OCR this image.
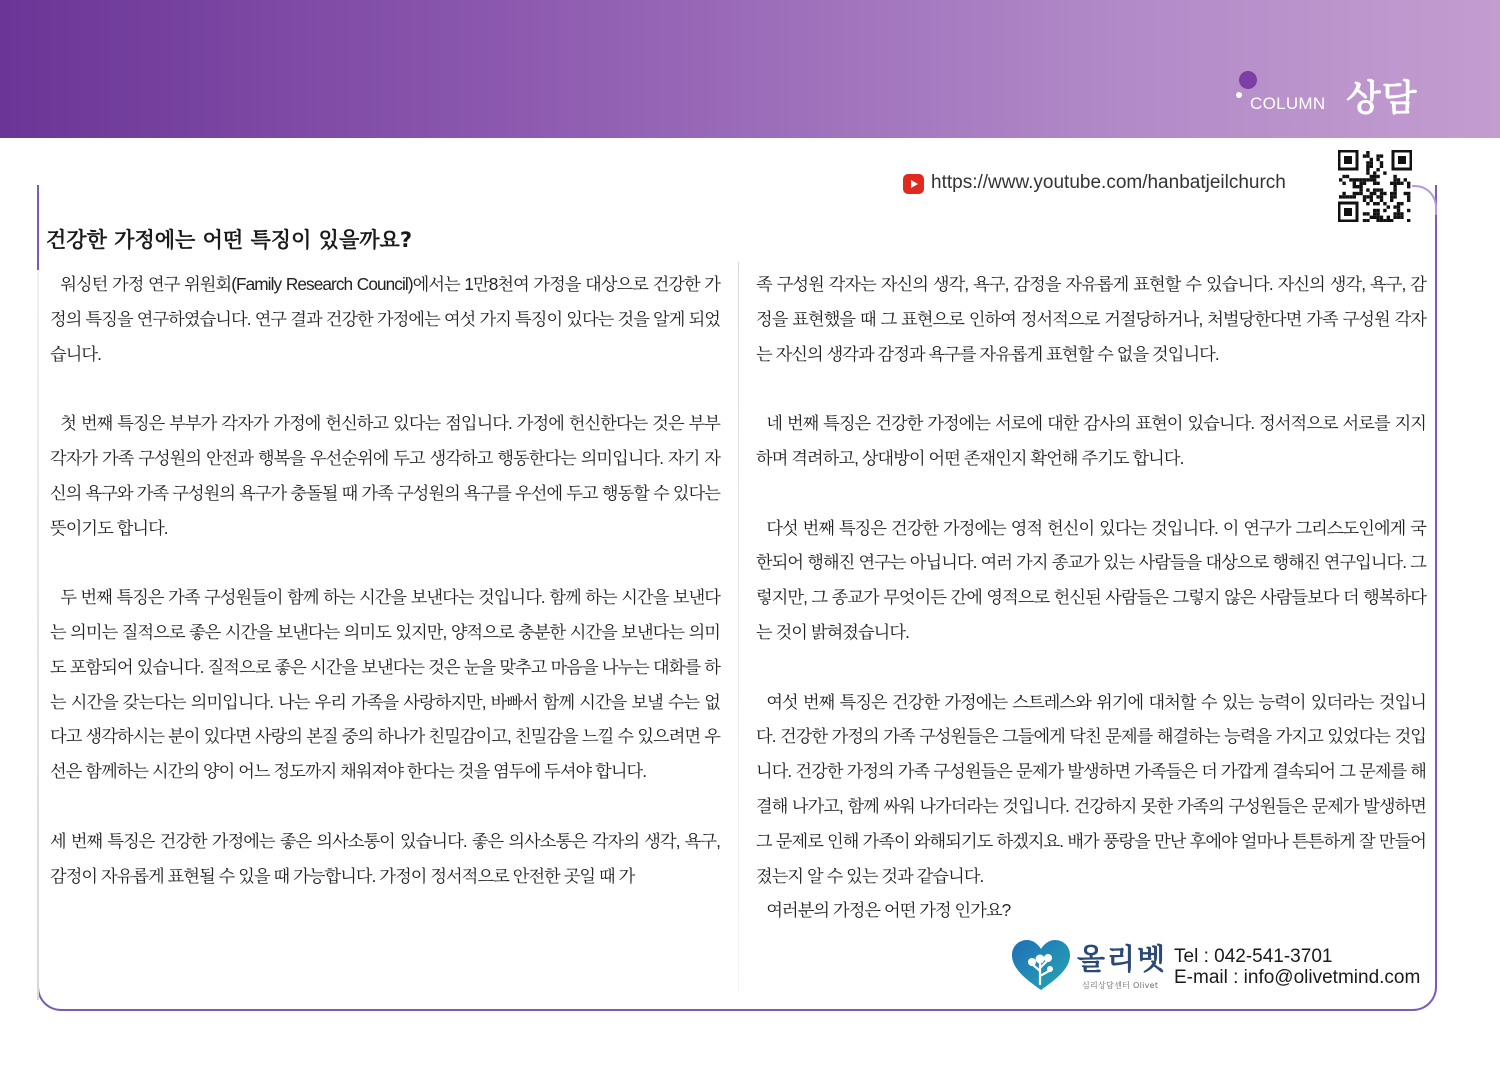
COLUMN 상담
https://www.youtube.com/hanbatjeilchurch
건강한 가정에는 어떤 특징이 있을까요?

워싱턴 가정 연구 위원회(Family Research Council)에서는 1만8천여 가정을 대상으로 건강한 가정의 특징을 연구하였습니다. 연구 결과 건강한 가정에는 여섯 가지 특징이 있다는 것을 알게 되었습니다.

첫 번째 특징은 부부가 각자가 가정에 헌신하고 있다는 점입니다. 가정에 헌신한다는 것은 부부 각자가 가족 구성원의 안전과 행복을 우선순위에 두고 생각하고 행동한다는 의미입니다. 자기 자신의 욕구와 가족 구성원의 욕구가 충돌될 때 가족 구성원의 욕구를 우선에 두고 행동할 수 있다는 뜻이기도 합니다.

두 번째 특징은 가족 구성원들이 함께 하는 시간을 보낸다는 것입니다. 함께 하는 시간을 보낸다는 의미는 질적으로 좋은 시간을 보낸다는 의미도 있지만, 양적으로 충분한 시간을 보낸다는 의미도 포함되어 있습니다. 질적으로 좋은 시간을 보낸다는 것은 눈을 맞추고 마음을 나누는 대화를 하는 시간을 갖는다는 의미입니다. 나는 우리 가족을 사랑하지만, 바빠서 함께 시간을 보낼 수는 없다고 생각하시는 분이 있다면 사랑의 본질 중의 하나가 친밀감이고, 친밀감을 느낄 수 있으려면 우선은 함께하는 시간의 양이 어느 정도까지 채워져야 한다는 것을 염두에 두셔야 합니다.

세 번째 특징은 건강한 가정에는 좋은 의사소통이 있습니다. 좋은 의사소통은 각자의 생각, 욕구, 감정이 자유롭게 표현될 수 있을 때 가능합니다. 가정이 정서적으로 안전한 곳일 때 가

족 구성원 각자는 자신의 생각, 욕구, 감정을 자유롭게 표현할 수 있습니다. 자신의 생각, 욕구, 감정을 표현했을 때 그 표현으로 인하여 정서적으로 거절당하거나, 처벌당한다면 가족 구성원 각자는 자신의 생각과 감정과 욕구를 자유롭게 표현할 수 없을 것입니다.

네 번째 특징은 건강한 가정에는 서로에 대한 감사의 표현이 있습니다. 정서적으로 서로를 지지하며 격려하고, 상대방이 어떤 존재인지 확언해 주기도 합니다.

다섯 번째 특징은 건강한 가정에는 영적 헌신이 있다는 것입니다. 이 연구가 그리스도인에게 국한되어 행해진 연구는 아닙니다. 여러 가지 종교가 있는 사람들을 대상으로 행해진 연구입니다. 그렇지만, 그 종교가 무엇이든 간에 영적으로 헌신된 사람들은 그렇지 않은 사람들보다 더 행복하다는 것이 밝혀졌습니다.

여섯 번째 특징은 건강한 가정에는 스트레스와 위기에 대처할 수 있는 능력이 있더라는 것입니다. 건강한 가정의 가족 구성원들은 그들에게 닥친 문제를 해결하는 능력을 가지고 있었다는 것입니다. 건강한 가정의 가족 구성원들은 문제가 발생하면 가족들은 더 가깝게 결속되어 그 문제를 해결해 나가고, 함께 싸워 나가더라는 것입니다. 건강하지 못한 가족의 구성원들은 문제가 발생하면 그 문제로 인해 가족이 와해되기도 하겠지요. 배가 풍랑을 만난 후에야 얼마나 튼튼하게 잘 만들어졌는지 알 수 있는 것과 같습니다.

여러분의 가정은 어떤 가정 인가요?

올리벳
심리상담센터 Olivet
Tel : 042-541-3701
E-mail : info@olivetmind.com
